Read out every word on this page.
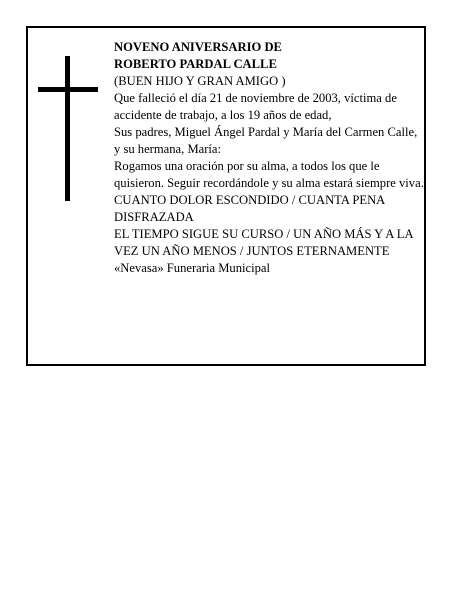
NOVENO ANIVERSARIO DE

ROBERTO PARDAL CALLE

(BUEN HIJO Y GRAN AMIGO )

Que falleció el día 21 de noviembre de 2003, víctima de accidente de trabajo, a los 19 años de edad,

Sus padres, Miguel Ángel Pardal y María del Carmen Calle, y su hermana, María:

Rogamos una oración por su alma, a todos los que le quisieron. Seguir recordándole y su alma estará siempre viva.

CUANTO DOLOR ESCONDIDO / CUANTA PENA DISFRAZADA

EL TIEMPO SIGUE SU CURSO / UN AÑO MÁS Y A LA VEZ UN AÑO MENOS / JUNTOS ETERNAMENTE

«Nevasa» Funeraria Municipal
